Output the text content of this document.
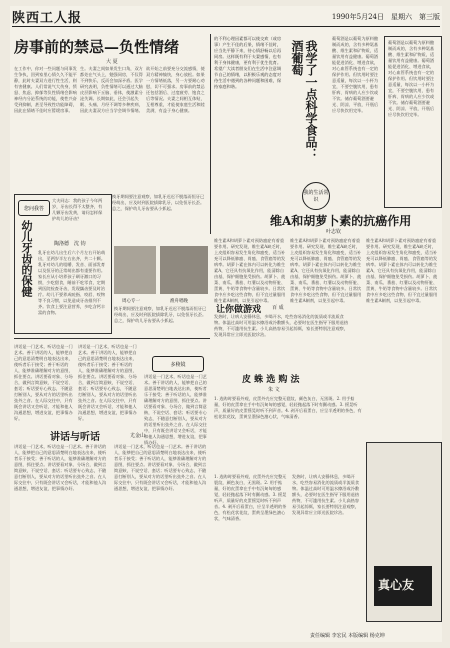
陕西工人报	1990年5月24日　星期六　第三版
房事前的禁忌—负性情绪
大 夏
在工作中，你对一些问题与同事发生争执，回到家里心情久久不能平静，此时夫妻双方进行性生活，则有害健康。人们常说气大伤身，愤怒、焦虑、抑郁等负性情绪会影响神经内分泌系统的功能，使性兴奋受到抑制，甚至导致性功能障碍，因此在情绪不佳时应暂缓房事。
生。夫妻之间如果发生口角，双方都处在气头上，勉强同房，不仅得不到快乐，反而会加深矛盾。医学研究表明，负性情绪可以通过大脑皮层影响下丘脑、垂体，使激素分泌失调。长期如此，还会引起失眠、头痛、月经不调等多种疾病，因此夫妻双方应当学会调节情绪。
欲开始之前要充分交流感情，使双方精神愉快，身心放松。如果一方情绪低落，另一方要耐心劝慰，切不可强求。房事前的禁忌还包括酒后、过度疲劳、饱食之后等情况。夫妻之间相互体贴，互相尊重，才能使家庭生活和睦美满，有益于身心健康。
的不利心理因素都可以使交欢（或房事）产生不佳的后果，情绪不佳时，应当先平静下来，待心情舒畅以后再同房。这样既有利于夫妻感情，也有利于身体健康，更有利于优生优育。希望广大读者朋友们在生活中注意调节自己的情绪，以积极乐观的态度对待生活中遇到的各种问题和困难，保持家庭和谐。
您问我答
幼儿牙齿的保健
大夫同志：我的孩子今年两岁，牙齿长得不太整齐，有几颗牙齿发黄，请问怎样保护幼儿的牙齿？
陶洛德　沈 钧
乳牙在幼儿出生后六个月左右开始萌出，至两岁半左右出齐，共二十颗。乳牙对幼儿的咀嚼、发音、面部发育以及恒牙的正常萌出都有重要作用。家长应从小培养孩子刷牙漱口的习惯，少吃甜食，睡前不吃零食，定期到医院检查牙齿，发现龋齿要及时治疗。幼儿不要养成吮指、咬唇、咬物等不良习惯，以免造成牙齿排列不齐。饮食上要注意营养，多吃含钙丰富的食物。
换牙期间要注意观察，如乳牙迟迟不脱落而恒牙已经萌出，应及时到医院拔除乳牙，以免恒牙长歪。总之，保护幼儿牙齿要从小抓起。
周心专一	渔舟唱晚
换牙期间要注意观察，如乳牙迟迟不脱落而恒牙已经萌出，应及时到医院拔除乳牙，以免恒牙长歪。总之，保护幼儿牙齿要从小抓起。
让你做游戏 百 成
发热时，让病人安静休息，多喝开水，吃些容易消化的流质或半流质食物。体温过高时可用温水擦浴或冷敷额头，必要时在医生指导下服用退热药物，不可滥用抗生素。小儿高热容易引起惊厥，家长要特别注意观察，发现异常应立即送医院诊治。
我学了一点科学食品：酒葡萄
我的生活常识
葡萄酒是以葡萄为原料酿制而成的，含有多种氨基酸、维生素和矿物质，适量饮用有益健康。葡萄酒能促进消化、增进食欲，对心血管系统也有一定的保护作用。但饮用时要注意适量，每次以一小杯为宜，不要空腹饮用，患有肝病、胃病的人应少饮或不饮。储存葡萄酒要避光、阴凉、平放，开瓶后应尽快饮用完毕。
葡萄酒是以葡萄为原料酿制而成的，含有多种氨基酸、维生素和矿物质，适量饮用有益健康。葡萄酒能促进消化、增进食欲，对心血管系统也有一定的保护作用。但饮用时要注意适量，每次以一小杯为宜，不要空腹饮用，患有肝病、胃病的人应少饮或不饮。储存葡萄酒要避光、阴凉、平放，开瓶后应尽快饮用完毕。
维A和胡萝卜素的抗癌作用
叶志钦
维生素A和胡萝卜素对预防癌症有着重要作用。研究发现，维生素A缺乏时，上皮组织容易发生角化和癌变，适当补充可以降低肺癌、胃癌、食管癌等的发病率。胡萝卜素在体内可以转化为维生素A，它还具有抗氧化作用，能清除自由基，保护细胞免受损伤。胡萝卜、菠菜、南瓜、番茄、红薯以及动物肝脏、蛋黄、牛奶等食物中含量较多。日常饮食中应多吃这些食物，但不宜过量服用维生素A制剂，以免引起中毒。
维生素A和胡萝卜素对预防癌症有着重要作用。研究发现，维生素A缺乏时，上皮组织容易发生角化和癌变，适当补充可以降低肺癌、胃癌、食管癌等的发病率。胡萝卜素在体内可以转化为维生素A，它还具有抗氧化作用，能清除自由基，保护细胞免受损伤。胡萝卜、菠菜、南瓜、番茄、红薯以及动物肝脏、蛋黄、牛奶等食物中含量较多。日常饮食中应多吃这些食物，但不宜过量服用维生素A制剂，以免引起中毒。
维生素A和胡萝卜素对预防癌症有着重要作用。研究发现，维生素A缺乏时，上皮组织容易发生角化和癌变，适当补充可以降低肺癌、胃癌、食管癌等的发病率。胡萝卜素在体内可以转化为维生素A，它还具有抗氧化作用，能清除自由基，保护细胞免受损伤。胡萝卜、菠菜、南瓜、番茄、红薯以及动物肝脏、蛋黄、牛奶等食物中含量较多。日常饮食中应多吃这些食物，但不宜过量服用维生素A制剂，以免引起中毒。
皮 蛛 选 购 法
朱 文
1. 选购时要看外观，皮蛋外壳应完整无裂纹，颜色灰白，无黑斑。2. 用手掂量，好的皮蛋拿在手中有沉甸甸的感觉，轻轻抛起落下时有颤动感。3. 摇晃听声，质量好的皮蛋摇晃时听不到声音。4. 剥开后看蛋白，应呈半透明的茶色，有松花状花纹，蛋黄呈墨绿色溏心状，气味清香。
讲话是一门艺术，听话也是一门艺术。善于讲话的人，能够把自己的意思清楚明白地表达出来，使听者乐于接受；善于听话的人，能够准确理解对方的意图，抓住要点。讲话要看对象、分场合，做到言简意赅，不说空话、套话；听话要专心致志，不随意打断别人，要从对方的话里听出弦外之音。在人际交往中，只有既会讲话又会听话，才能和他人沟通思想，增进友谊，把事情办好。
讲话是一门艺术，听话也是一门艺术。善于讲话的人，能够把自己的意思清楚明白地表达出来，使听者乐于接受；善于听话的人，能够准确理解对方的意图，抓住要点。讲话要看对象、分场合，做到言简意赅，不说空话、套话；听话要专心致志，不随意打断别人，要从对方的话里听出弦外之音。在人际交往中，只有既会讲话又会听话，才能和他人沟通思想，增进友谊，把事情办好。
多稜镜
讲话是一门艺术，听话也是一门艺术。善于讲话的人，能够把自己的意思清楚明白地表达出来，使听者乐于接受；善于听话的人，能够准确理解对方的意图，抓住要点。讲话要看对象、分场合，做到言简意赅，不说空话、套话；听话要专心致志，不随意打断别人，要从对方的话里听出弦外之音。在人际交往中，只有既会讲话又会听话，才能和他人沟通思想，增进友谊，把事情办好。
讲话与听话	尤金山
讲话是一门艺术，听话也是一门艺术。善于讲话的人，能够把自己的意思清楚明白地表达出来，使听者乐于接受；善于听话的人，能够准确理解对方的意图，抓住要点。讲话要看对象、分场合，做到言简意赅，不说空话、套话；听话要专心致志，不随意打断别人，要从对方的话里听出弦外之音。在人际交往中，只有既会讲话又会听话，才能和他人沟通思想，增进友谊，把事情办好。
讲话是一门艺术，听话也是一门艺术。善于讲话的人，能够把自己的意思清楚明白地表达出来，使听者乐于接受；善于听话的人，能够准确理解对方的意图，抓住要点。讲话要看对象、分场合，做到言简意赅，不说空话、套话；听话要专心致志，不随意打断别人，要从对方的话里听出弦外之音。在人际交往中，只有既会讲话又会听话，才能和他人沟通思想，增进友谊，把事情办好。
1. 选购时要看外观，皮蛋外壳应完整无裂纹，颜色灰白，无黑斑。2. 用手掂量，好的皮蛋拿在手中有沉甸甸的感觉，轻轻抛起落下时有颤动感。3. 摇晃听声，质量好的皮蛋摇晃时听不到声音。4. 剥开后看蛋白，应呈半透明的茶色，有松花状花纹，蛋黄呈墨绿色溏心状，气味清香。
发热时，让病人安静休息，多喝开水，吃些容易消化的流质或半流质食物。体温过高时可用温水擦浴或冷敷额头，必要时在医生指导下服用退热药物，不可滥用抗生素。小儿高热容易引起惊厥，家长要特别注意观察，发现异常应立即送医院诊治。
真心友
责任编辑 李宏民 本版编辑 杨克坤
